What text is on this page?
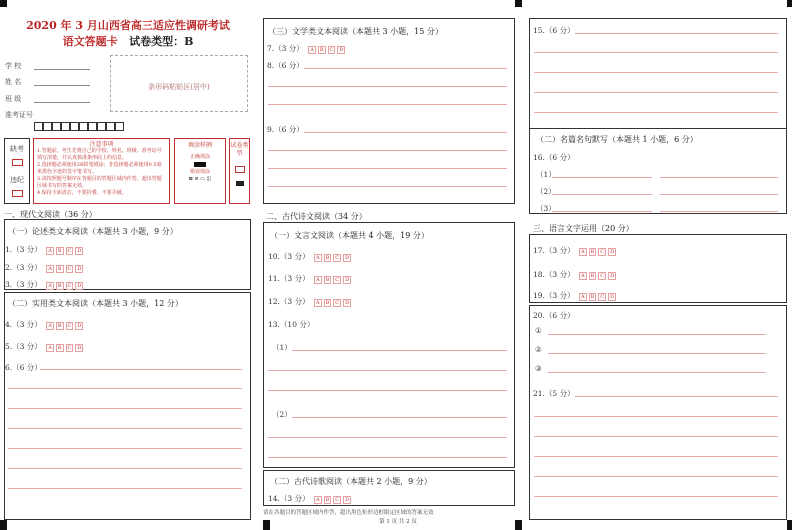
2020 年 3 月山西省高三适应性调研考试
语文答题卡 试卷类型：B
学 校
姓 名
班 级
准考证号
条形码粘贴区(居中)
缺考
违纪
注意事项
1.答题前，考生先将自己的学校、姓名、班级、准考证号填写清楚，并认真核准条形码上的信息。
2.选择题必须使用2B铅笔填涂；非选择题必须使用0.5毫米黑色字迹的签字笔书写。
3.请按照题号顺序在各题目的答题区域内作答，超出答题区域书写的答案无效。
4.保持卡面清洁，不要折叠、不要弄破。
填涂样例
正确填涂
错误填涂
⊠ ⊘ ▭ ◫
试卷类型
一、现代文阅读（36 分）
（一）论述类文本阅读（本题共 3 小题，9 分）
1.（3 分） A B C D
2.（3 分） A B C D
3.（3 分） A B C D
（二）实用类文本阅读（本题共 3 小题，12 分）
4.（3 分） A B C D
5.（3 分） A B C D
6.（6 分）
（三）文学类文本阅读（本题共 3 小题，15 分）
7.（3 分） A B C D
8.（6 分）
9.（6 分）
二、古代诗文阅读（34 分）
（一）文言文阅读（本题共 4 小题，19 分）
10.（3 分） A B C D
11.（3 分） A B C D
12.（3 分） A B C D
13.（10 分）
（1）
（2）
（二）古代诗歌阅读（本题共 2 小题，9 分）
14.（3 分） A B C D
请在各题目的答题区域内作答，超出黑色矩形边框限定区域的答案无效
第 1 页 共 2 页
15.（6 分）
（二）名篇名句默写（本题共 1 小题，6 分）
16.（6 分）
（1）
（2）
（3）
三、语言文字运用（20 分）
17.（3 分） A B C D
18.（3 分） A B C D
19.（3 分） A B C D
20.（6 分）
①
②
③
21.（5 分）
